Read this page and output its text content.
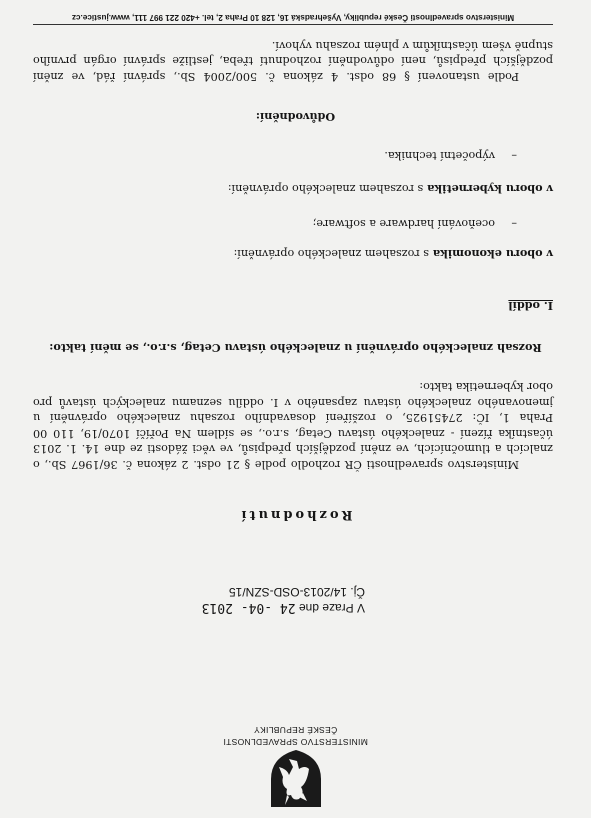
MINISTERSTVO SPRAVEDLNOSTI
ČESKÉ REPUBLIKY
V Praze dne 24 -04- 2013
Čj. 14/2013-OSD-SZN/15
Rozhodnutí

Ministerstvo spravedlnosti ČR rozhodlo podle § 21 odst. 2 zákona č. 36/1967 Sb., o znalcích a tlumočnících, ve znění pozdějších předpisů, ve věci žádosti ze dne 14. 1. 2013 účastníka řízení - znaleckého ústavu Cetag, s.r.o., se sídlem Na Poříčí 1070/19, 110 00 Praha 1, IČ: 27451925, o rozšíření dosavadního rozsahu znaleckého oprávnění u jmenovaného znaleckého ústavu zapsaného v I. oddílu seznamu znaleckých ústavů pro obor kybernetika takto:

Rozsah znaleckého oprávnění u znaleckého ústavu Cetag, s.r.o., se mění takto:
I. oddíl
v oboru ekonomika s rozsahem znaleckého oprávnění:
–oceňování hardware a software;
v oboru kybernetika s rozsahem znaleckého oprávnění:
–výpočetní technika.
Odůvodnění:

Podle ustanovení § 68 odst. 4 zákona č. 500/2004 Sb., správní řád, ve znění pozdějších předpisů, není odůvodnění rozhodnutí třeba, jestliže správní orgán prvního stupně všem účastníkům v plném rozsahu vyhoví.

Ministerstvo spravedlnosti České republiky, Vyšehradská 16, 128 10 Praha 2, tel. +420 221 997 111, www.justice.cz
